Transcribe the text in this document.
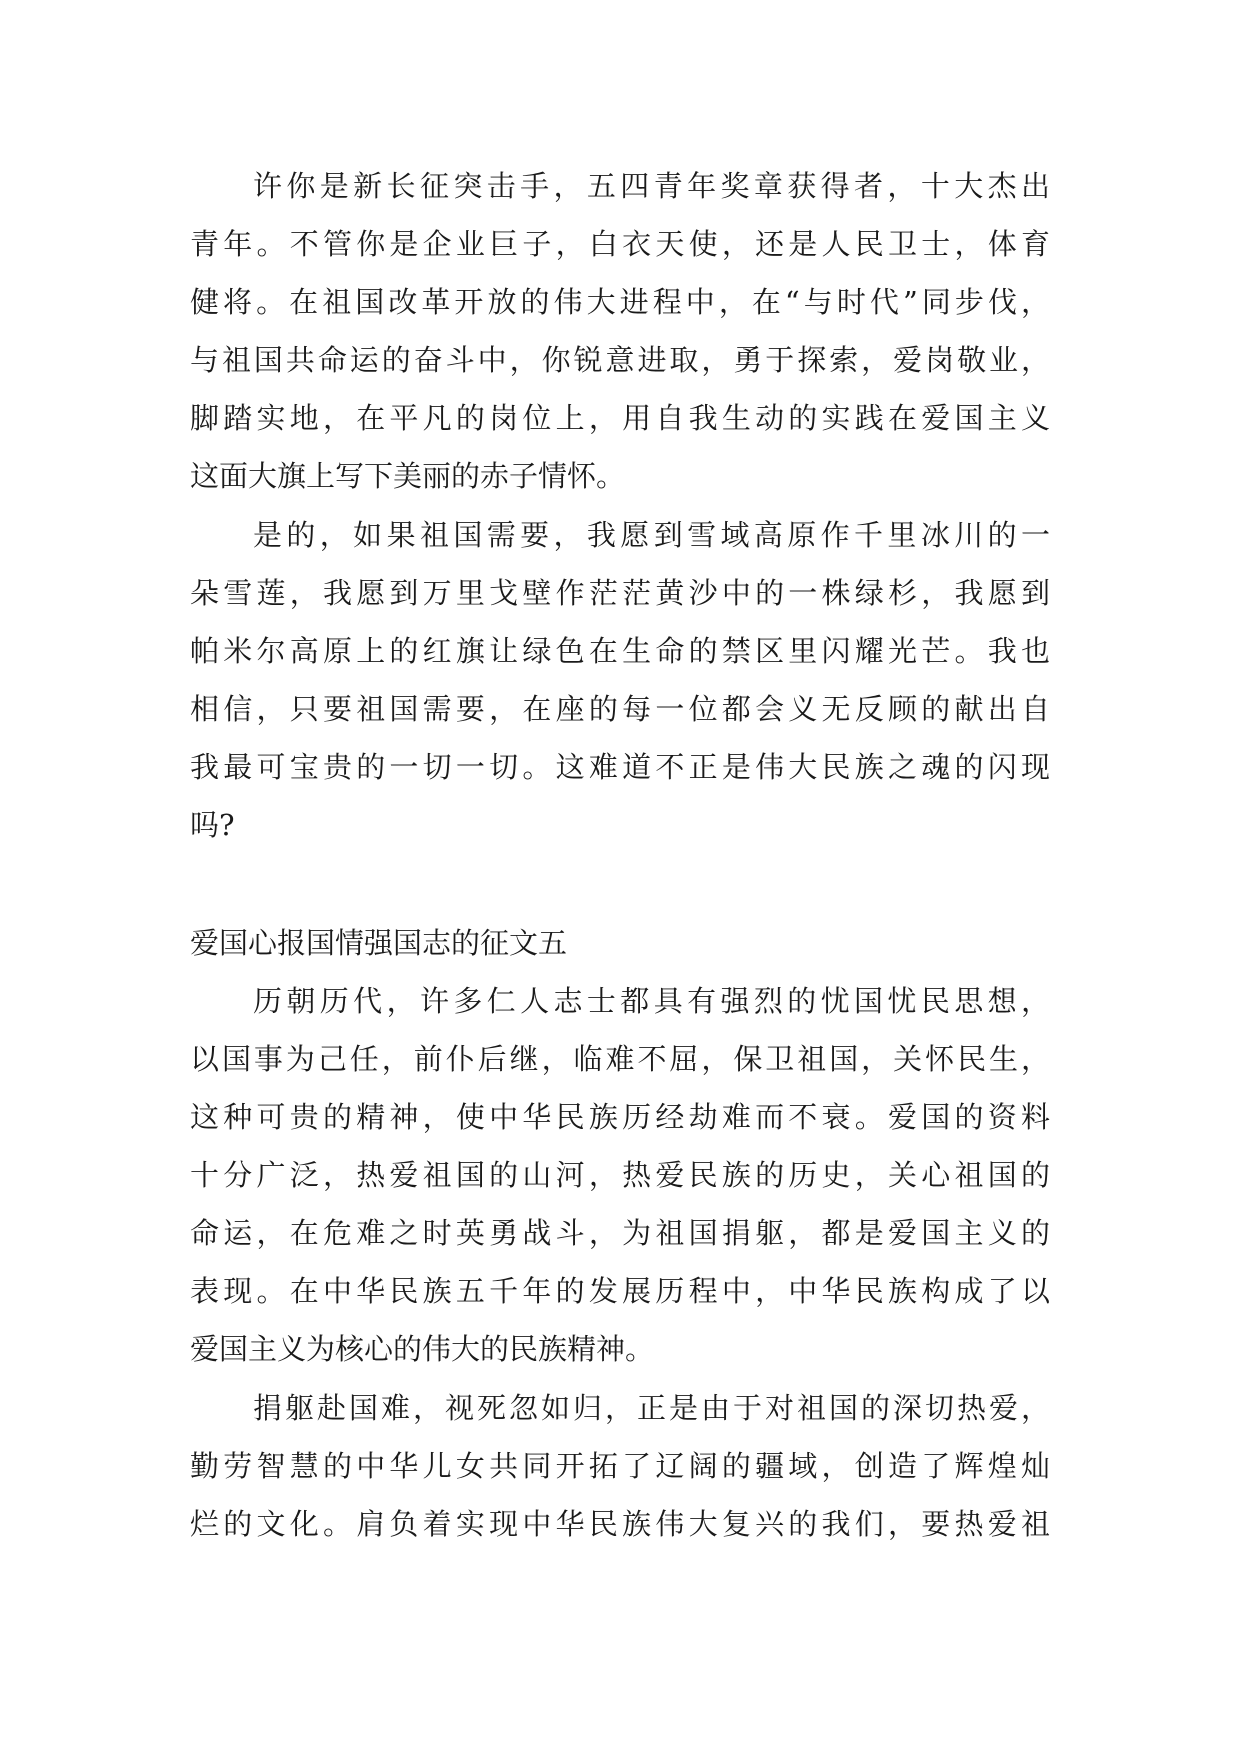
许你是新长征突击手，五四青年奖章获得者，十大杰出
青年。不管你是企业巨子，白衣天使，还是人民卫士，体育
健将。在祖国改革开放的伟大进程中，在“与时代”同步伐，
与祖国共命运的奋斗中，你锐意进取，勇于探索，爱岗敬业，
脚踏实地，在平凡的岗位上，用自我生动的实践在爱国主义
这面大旗上写下美丽的赤子情怀。
是的，如果祖国需要，我愿到雪域高原作千里冰川的一
朵雪莲，我愿到万里戈壁作茫茫黄沙中的一株绿杉，我愿到
帕米尔高原上的红旗让绿色在生命的禁区里闪耀光芒。我也
相信，只要祖国需要，在座的每一位都会义无反顾的献出自
我最可宝贵的一切一切。这难道不正是伟大民族之魂的闪现
吗?
爱国心报国情强国志的征文五
历朝历代，许多仁人志士都具有强烈的忧国忧民思想，
以国事为己任，前仆后继，临难不屈，保卫祖国，关怀民生，
这种可贵的精神，使中华民族历经劫难而不衰。爱国的资料
十分广泛，热爱祖国的山河，热爱民族的历史，关心祖国的
命运，在危难之时英勇战斗，为祖国捐躯，都是爱国主义的
表现。在中华民族五千年的发展历程中，中华民族构成了以
爱国主义为核心的伟大的民族精神。
捐躯赴国难，视死忽如归，正是由于对祖国的深切热爱，
勤劳智慧的中华儿女共同开拓了辽阔的疆域，创造了辉煌灿
烂的文化。肩负着实现中华民族伟大复兴的我们，要热爱祖
